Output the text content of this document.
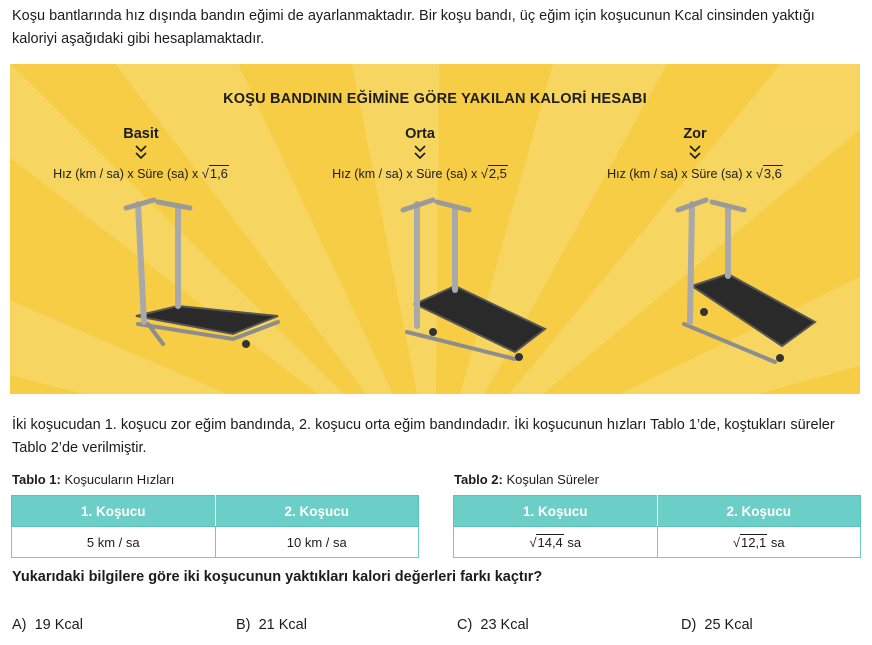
Koşu bantlarında hız dışında bandın eğimi de ayarlanmaktadır. Bir koşu bandı, üç eğim için koşucunun Kcal cinsinden yaktığı kaloriyi aşağıdaki gibi hesaplamaktadır.

KOŞU BANDININ EĞİMİNE GÖRE YAKILAN KALORİ HESABI
Basit
Hız (km / sa) x Süre (sa) x √1,6
Orta
Hız (km / sa) x Süre (sa) x √2,5
Zor
Hız (km / sa) x Süre (sa) x √3,6

İki koşucudan 1. koşucu zor eğim bandında, 2. koşucu orta eğim bandındadır. İki koşucunun hızları Tablo 1’de, koştukları süreler Tablo 2’de verilmiştir.

Tablo 1: Koşucuların Hızları
1. Koşucu	2. Koşucu
5 km / sa	10 km / sa
Tablo 2: Koşulan Süreler
1. Koşucu	2. Koşucu
√14,4 sa	√12,1 sa

Yukarıdaki bilgilere göre iki koşucunun yaktıkları kalori değerleri farkı kaçtır?

A) 19 Kcal	B) 21 Kcal	C) 23 Kcal	D) 25 Kcal
